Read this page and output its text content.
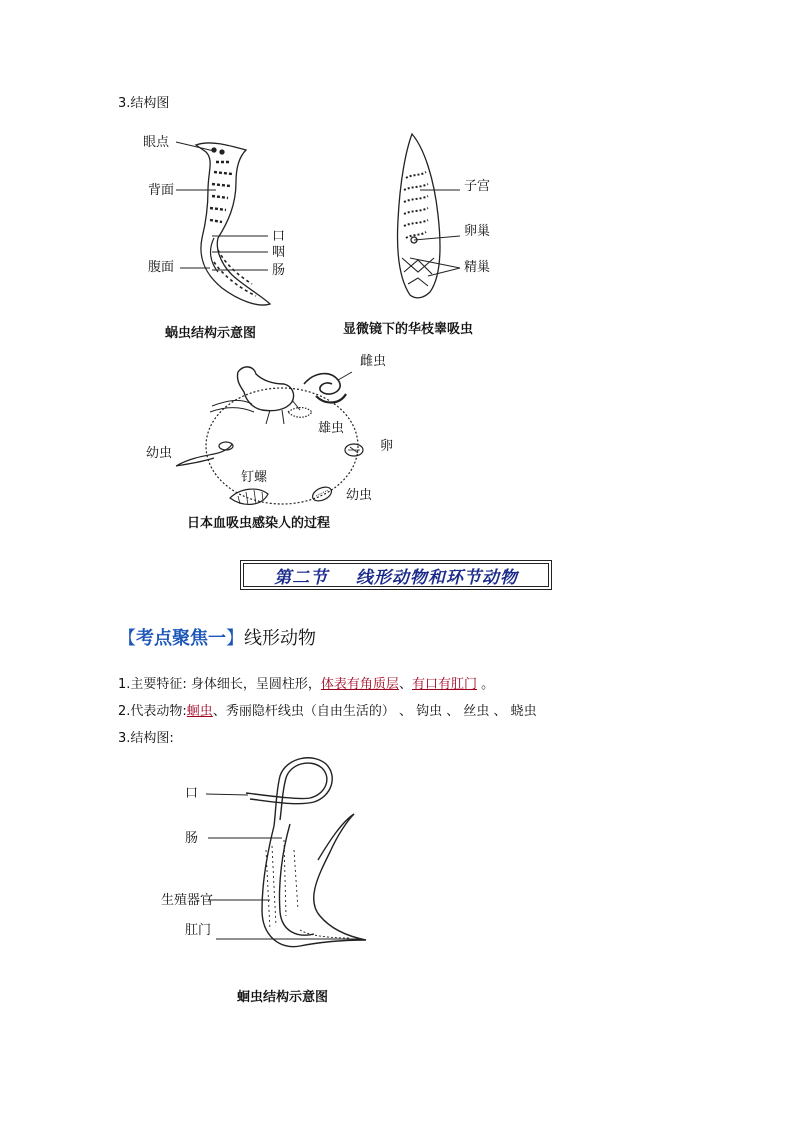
3.结构图
眼点
背面
口
咽
腹面	肠
蜗虫结构示意图
子宫
卵巢
精巢
显微镜下的华枝睾吸虫
雌虫
雄虫
卵
幼虫
幼虫
钉螺
日本血吸虫感染人的过程
第二节    线形动物和环节动物
【考点聚焦一】线形动物
1.主要特征: 身体细长，呈圆柱形，体表有角质层、有口有肛门 。
2.代表动物:蛔虫、秀丽隐杆线虫（自由生活的） 、 钩虫 、 丝虫 、 蛲虫
3.结构图:
口
肠
生殖器官
肛门
蛔虫结构示意图
